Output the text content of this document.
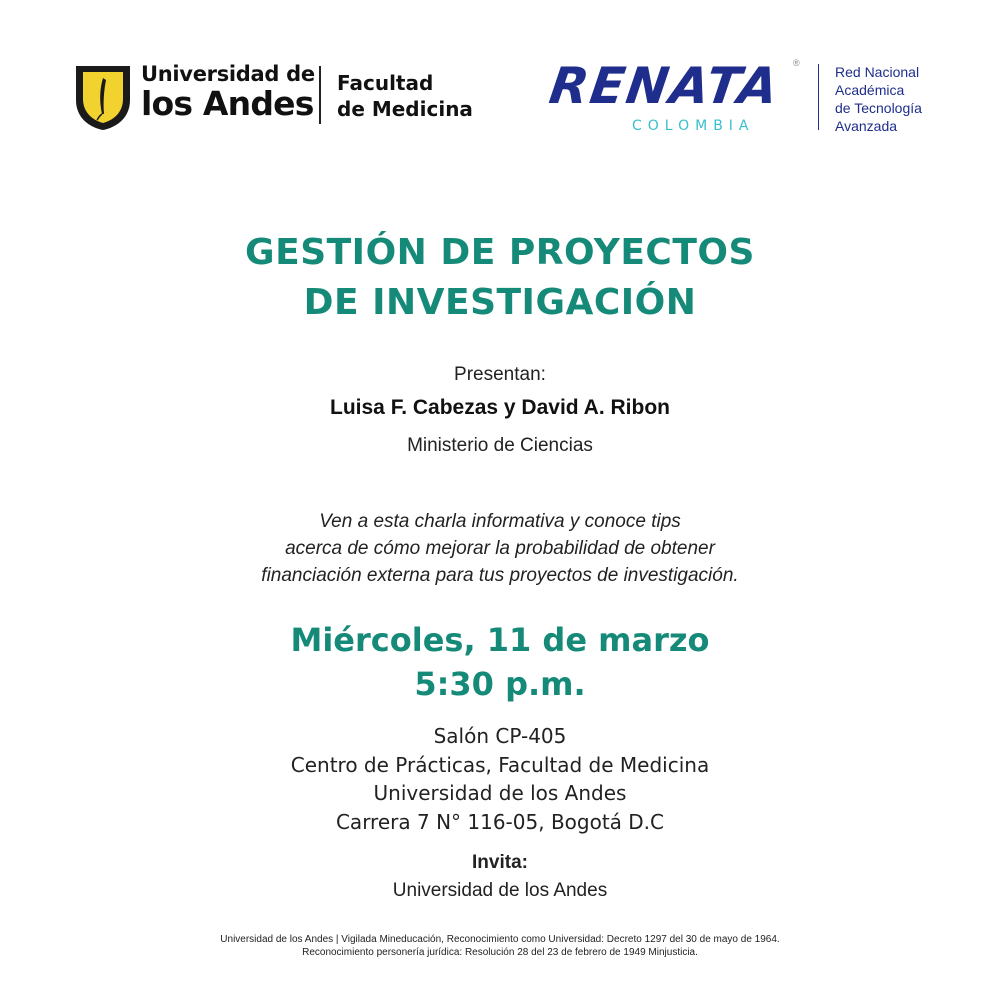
Universidad de
los Andes
Facultad
de Medicina RENATA ®
COLOMBIA
Red Nacional
Académica
de Tecnología
Avanzada
GESTIÓN DE PROYECTOS
DE INVESTIGACIÓN
Presentan:
Luisa F. Cabezas y David A. Ribon
Ministerio de Ciencias
Ven a esta charla informativa y conoce tips
acerca de cómo mejorar la probabilidad de obtener
financiación externa para tus proyectos de investigación.
Miércoles, 11 de marzo
5:30 p.m.
Salón CP-405
Centro de Prácticas, Facultad de Medicina
Universidad de los Andes
Carrera 7 N° 116-05, Bogotá D.C
Invita:
Universidad de los Andes
Universidad de los Andes | Vigilada Mineducación, Reconocimiento como Universidad: Decreto 1297 del 30 de mayo de 1964.
Reconocimiento personería jurídica: Resolución 28 del 23 de febrero de 1949 Minjusticia.
